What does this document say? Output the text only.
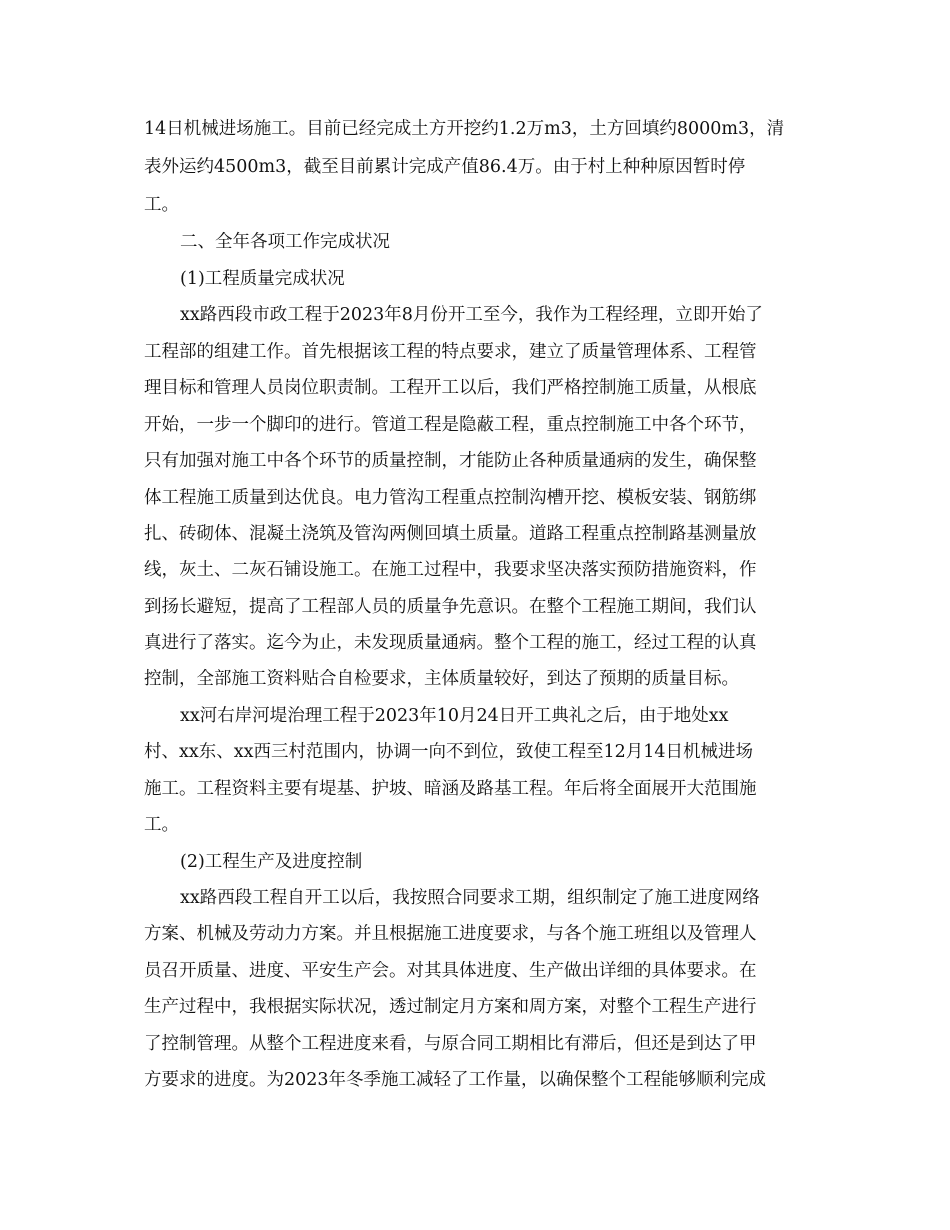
14日机械进场施工。目前已经完成土方开挖约1.2万m3，土方回填约8000m3，清
表外运约4500m3，截至目前累计完成产值86.4万。由于村上种种原因暂时停
工。
二、全年各项工作完成状况
(1)工程质量完成状况
xx路西段市政工程于2023年8月份开工至今，我作为工程经理，立即开始了
工程部的组建工作。首先根据该工程的特点要求，建立了质量管理体系、工程管
理目标和管理人员岗位职责制。工程开工以后，我们严格控制施工质量，从根底
开始，一步一个脚印的进行。管道工程是隐蔽工程，重点控制施工中各个环节，
只有加强对施工中各个环节的质量控制，才能防止各种质量通病的发生，确保整
体工程施工质量到达优良。电力管沟工程重点控制沟槽开挖、模板安装、钢筋绑
扎、砖砌体、混凝土浇筑及管沟两侧回填土质量。道路工程重点控制路基测量放
线，灰土、二灰石铺设施工。在施工过程中，我要求坚决落实预防措施资料，作
到扬长避短，提高了工程部人员的质量争先意识。在整个工程施工期间，我们认
真进行了落实。迄今为止，未发现质量通病。整个工程的施工，经过工程的认真
控制，全部施工资料贴合自检要求，主体质量较好，到达了预期的质量目标。
xx河右岸河堤治理工程于2023年10月24日开工典礼之后，由于地处xx
村、xx东、xx西三村范围内，协调一向不到位，致使工程至12月14日机械进场
施工。工程资料主要有堤基、护坡、暗涵及路基工程。年后将全面展开大范围施
工。
(2)工程生产及进度控制
xx路西段工程自开工以后，我按照合同要求工期，组织制定了施工进度网络
方案、机械及劳动力方案。并且根据施工进度要求，与各个施工班组以及管理人
员召开质量、进度、平安生产会。对其具体进度、生产做出详细的具体要求。在
生产过程中，我根据实际状况，透过制定月方案和周方案，对整个工程生产进行
了控制管理。从整个工程进度来看，与原合同工期相比有滞后，但还是到达了甲
方要求的进度。为2023年冬季施工减轻了工作量，以确保整个工程能够顺利完成
